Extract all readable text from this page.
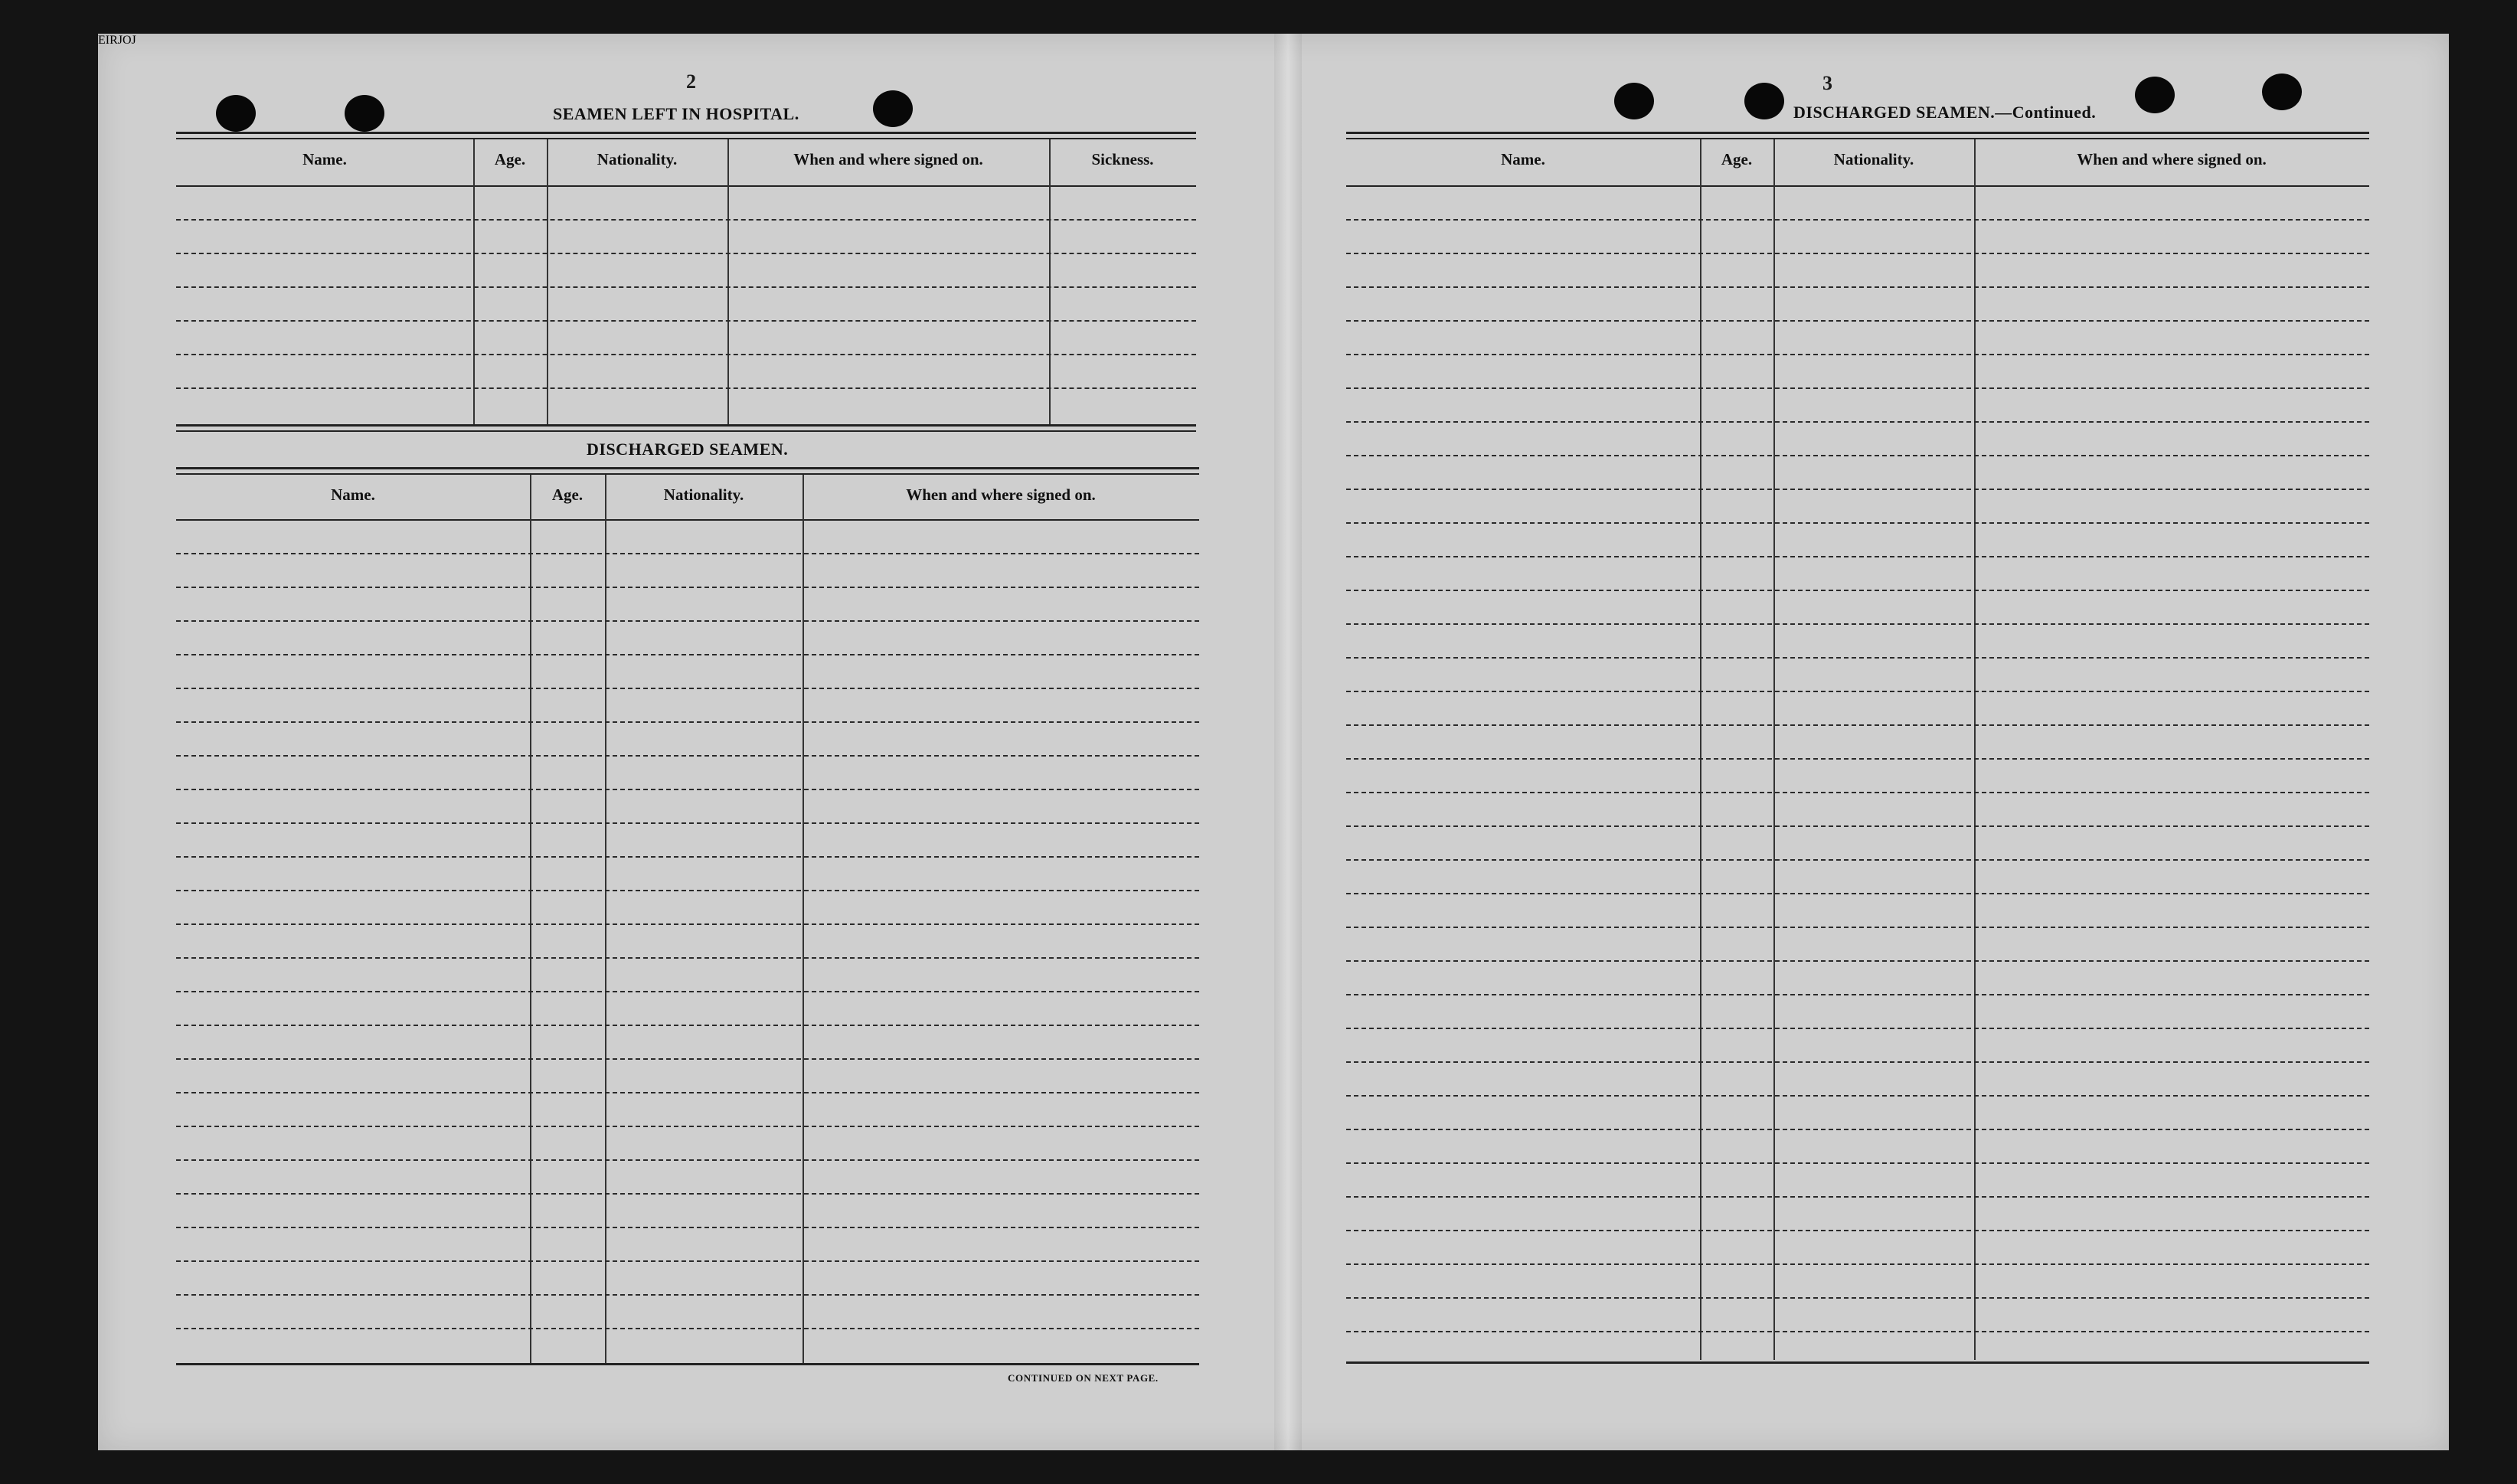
EIRJOJ
2
SEAMEN LEFT IN HOSPITAL.
Name.	Age.	Nationality.	When and where signed on.	Sickness.
DISCHARGED SEAMEN.
Name.	Age.	Nationality.	When and where signed on.
CONTINUED ON NEXT PAGE.
3
DISCHARGED SEAMEN.—Continued.
Name.	Age.	Nationality.	When and where signed on.
